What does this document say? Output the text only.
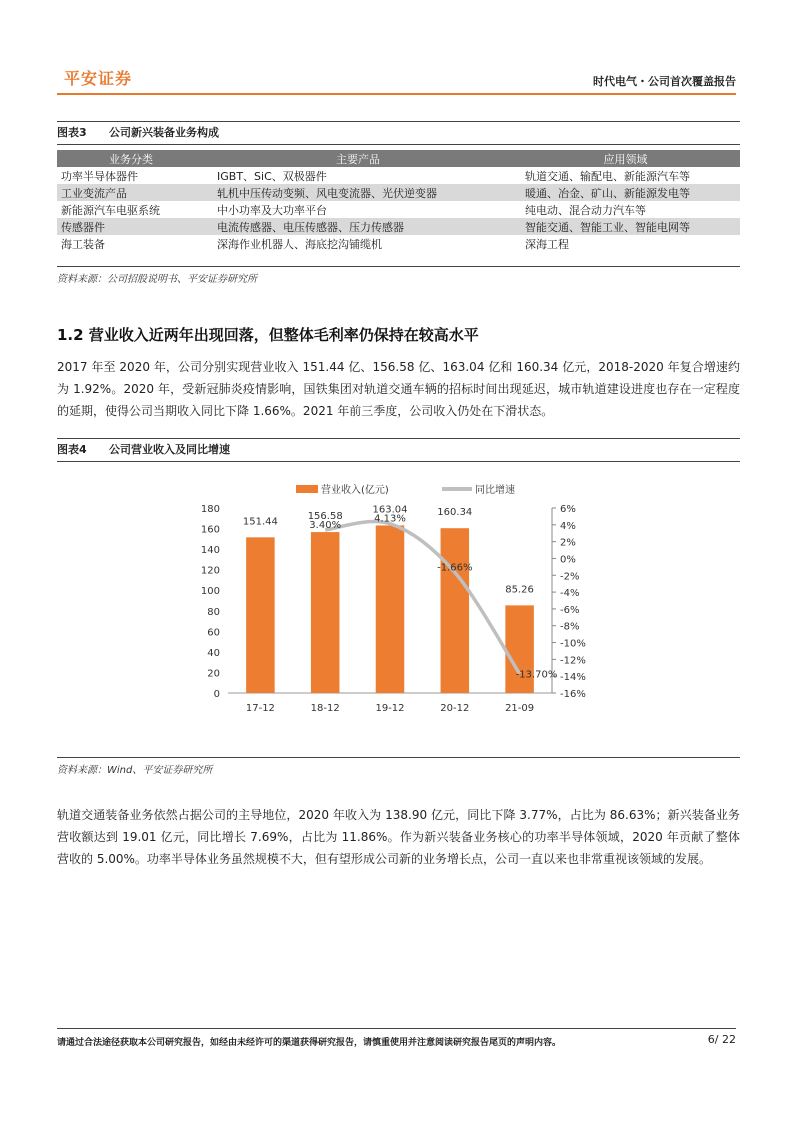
平安证券	时代电气・公司首次覆盖报告
图表3 公司新兴装备业务构成
业务分类	主要产品	应用领域
功率半导体器件	IGBT、SiC、双极器件	轨道交通、输配电、新能源汽车等
工业变流产品	轧机中压传动变频、风电变流器、光伏逆变器	暖通、冶金、矿山、新能源发电等
新能源汽车电驱系统	中小功率及大功率平台	纯电动、混合动力汽车等
传感器件	电流传感器、电压传感器、压力传感器	智能交通、智能工业、智能电网等
海工装备	深海作业机器人、海底挖沟铺缆机	深海工程
资料来源：公司招股说明书、平安证券研究所
1.2 营业收入近两年出现回落，但整体毛利率仍保持在较高水平
2017 年至 2020 年，公司分别实现营业收入 151.44 亿、156.58 亿、163.04 亿和 160.34 亿元，2018-2020 年复合增速约为 1.92%。2020 年，受新冠肺炎疫情影响，国铁集团对轨道交通车辆的招标时间出现延迟，城市轨道建设进度也存在一定程度的延期，使得公司当期收入同比下降 1.66%。2021 年前三季度，公司收入仍处在下滑状态。
图表4 公司营业收入及同比增速
营业收入(亿元)	同比增速
0
20
40
60
80
100
120
140
160
180
-16%
-14%
-12%
-10%
-8%
-6%
-4%
-2%
0%
2%
4%
6%
151.44	156.58
163.04	160.34
85.26
17-12	18-12	19-12	20-12	21-09
3.40%
4.13%
-1.66%
-13.70%
资料来源：Wind、平安证券研究所
轨道交通装备业务依然占据公司的主导地位，2020 年收入为 138.90 亿元，同比下降 3.77%，占比为 86.63%；新兴装备业务营收额达到 19.01 亿元，同比增长 7.69%，占比为 11.86%。作为新兴装备业务核心的功率半导体领域，2020 年贡献了整体营收的 5.00%。功率半导体业务虽然规模不大，但有望形成公司新的业务增长点，公司一直以来也非常重视该领域的发展。
请通过合法途径获取本公司研究报告，如经由未经许可的渠道获得研究报告，请慎重使用并注意阅读研究报告尾页的声明内容。	6/ 22
